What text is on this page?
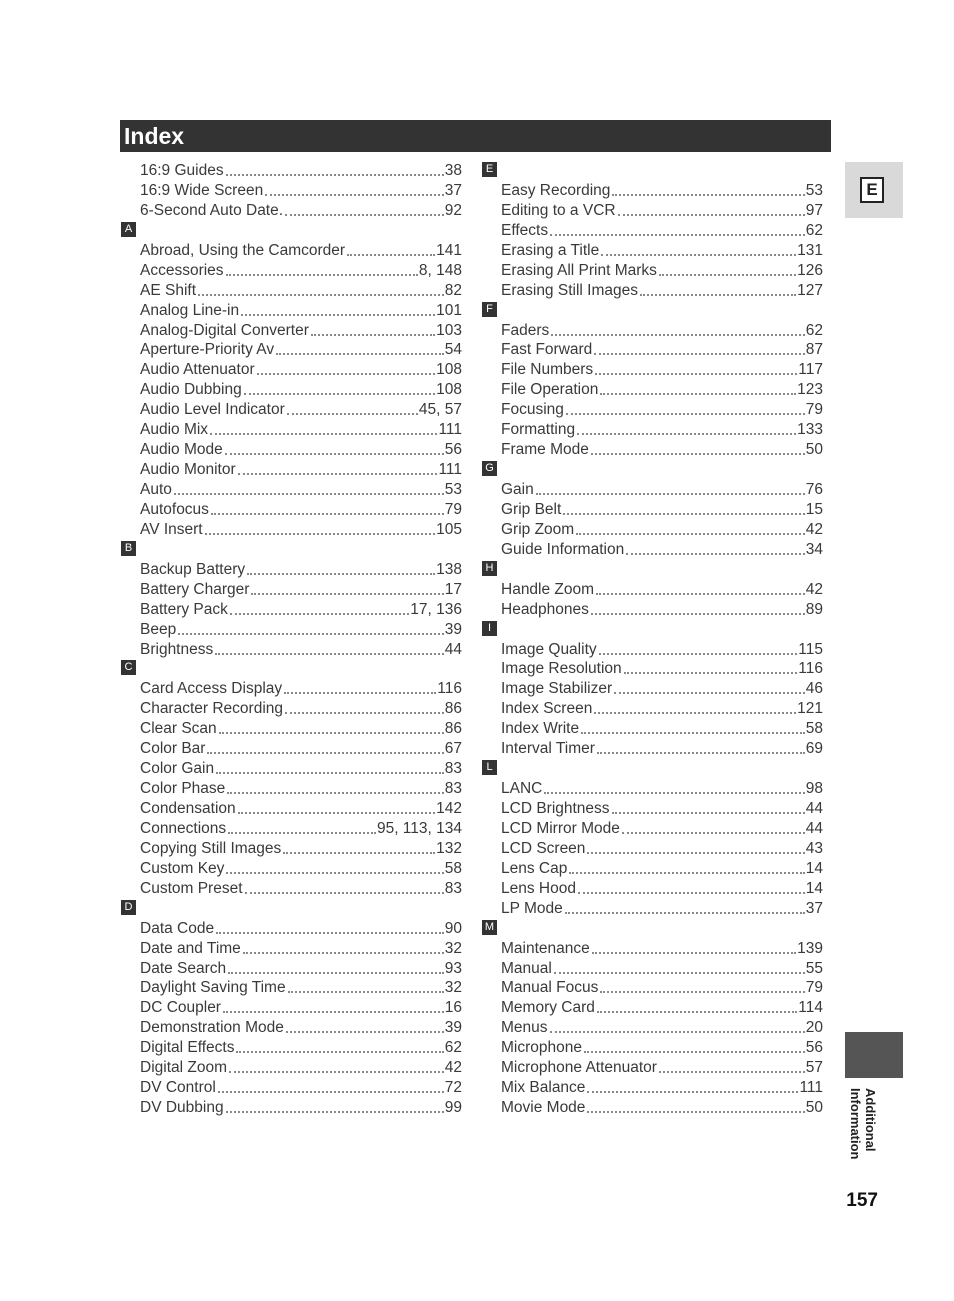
Index
16:9 Guides	38
16:9 Wide Screen	37
6-Second Auto Date.	92
A
Abroad, Using the Camcorder	141
Accessories	8, 148
AE Shift	82
Analog Line-in	101
Analog-Digital Converter	103
Aperture-Priority Av	54
Audio Attenuator	108
Audio Dubbing	108
Audio Level Indicator	45, 57
Audio Mix	111
Audio Mode	56
Audio Monitor	111
Auto	53
Autofocus	79
AV Insert	105
B
Backup Battery	138
Battery Charger	17
Battery Pack	17, 136
Beep	39
Brightness	44
C
Card Access Display	116
Character Recording	86
Clear Scan	86
Color Bar	67
Color Gain	83
Color Phase	83
Condensation	142
Connections	95, 113, 134
Copying Still Images	132
Custom Key	58
Custom Preset	83
D
Data Code	90
Date and Time	32
Date Search	93
Daylight Saving Time	32
DC Coupler	16
Demonstration Mode	39
Digital Effects	62
Digital Zoom	42
DV Control	72
DV Dubbing	99
E
Easy Recording	53
Editing to a VCR	97
Effects	62
Erasing a Title	131
Erasing All Print Marks	126
Erasing Still Images	127
F
Faders	62
Fast Forward	87
File Numbers	117
File Operation	123
Focusing	79
Formatting	133
Frame Mode	50
G
Gain	76
Grip Belt	15
Grip Zoom	42
Guide Information	34
H
Handle Zoom	42
Headphones	89
I
Image Quality	115
Image Resolution	116
Image Stabilizer	46
Index Screen	121
Index Write	58
Interval Timer	69
L
LANC	98
LCD Brightness	44
LCD Mirror Mode	44
LCD Screen	43
Lens Cap	14
Lens Hood	14
LP Mode	37
M
Maintenance	139
Manual	55
Manual Focus	79
Memory Card	114
Menus	20
Microphone	56
Microphone Attenuator	57
Mix Balance	111
Movie Mode	50
E
Additional
Information
157
